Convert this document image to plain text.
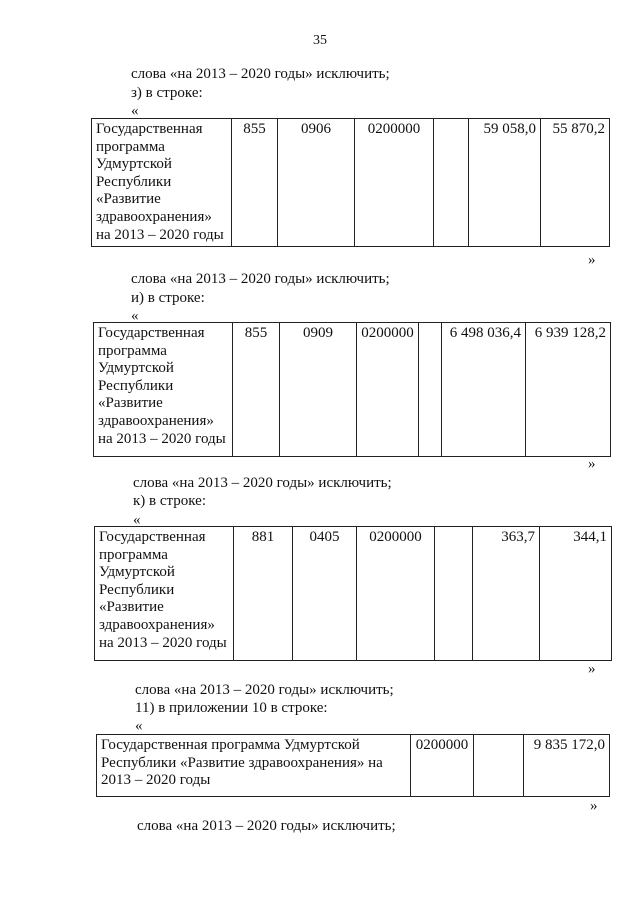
35
слова «на 2013 – 2020 годы» исключить;
з) в строке:
«
Государственная
программа
Удмуртской
Республики
«Развитие
здравоохранения»
на 2013 – 2020 годы
	855	0906	0200000		59 058,0	55 870,2
»
слова «на 2013 – 2020 годы» исключить;
и) в строке:
«
Государственная
программа
Удмуртской
Республики
«Развитие
здравоохранения»
на 2013 – 2020 годы
	855	0909	0200000		6 498 036,4	6 939 128,2
»
слова «на 2013 – 2020 годы» исключить;
к) в строке:
«
Государственная
программа
Удмуртской
Республики
«Развитие
здравоохранения»
на 2013 – 2020 годы
	881	0405	0200000		363,7	344,1
»
слова «на 2013 – 2020 годы» исключить;
11) в приложении 10 в строке:
«
Государственная программа Удмуртской
Республики «Развитие здравоохранения» на
2013 – 2020 годы
	0200000		9 835 172,0
»
слова «на 2013 – 2020 годы» исключить;
